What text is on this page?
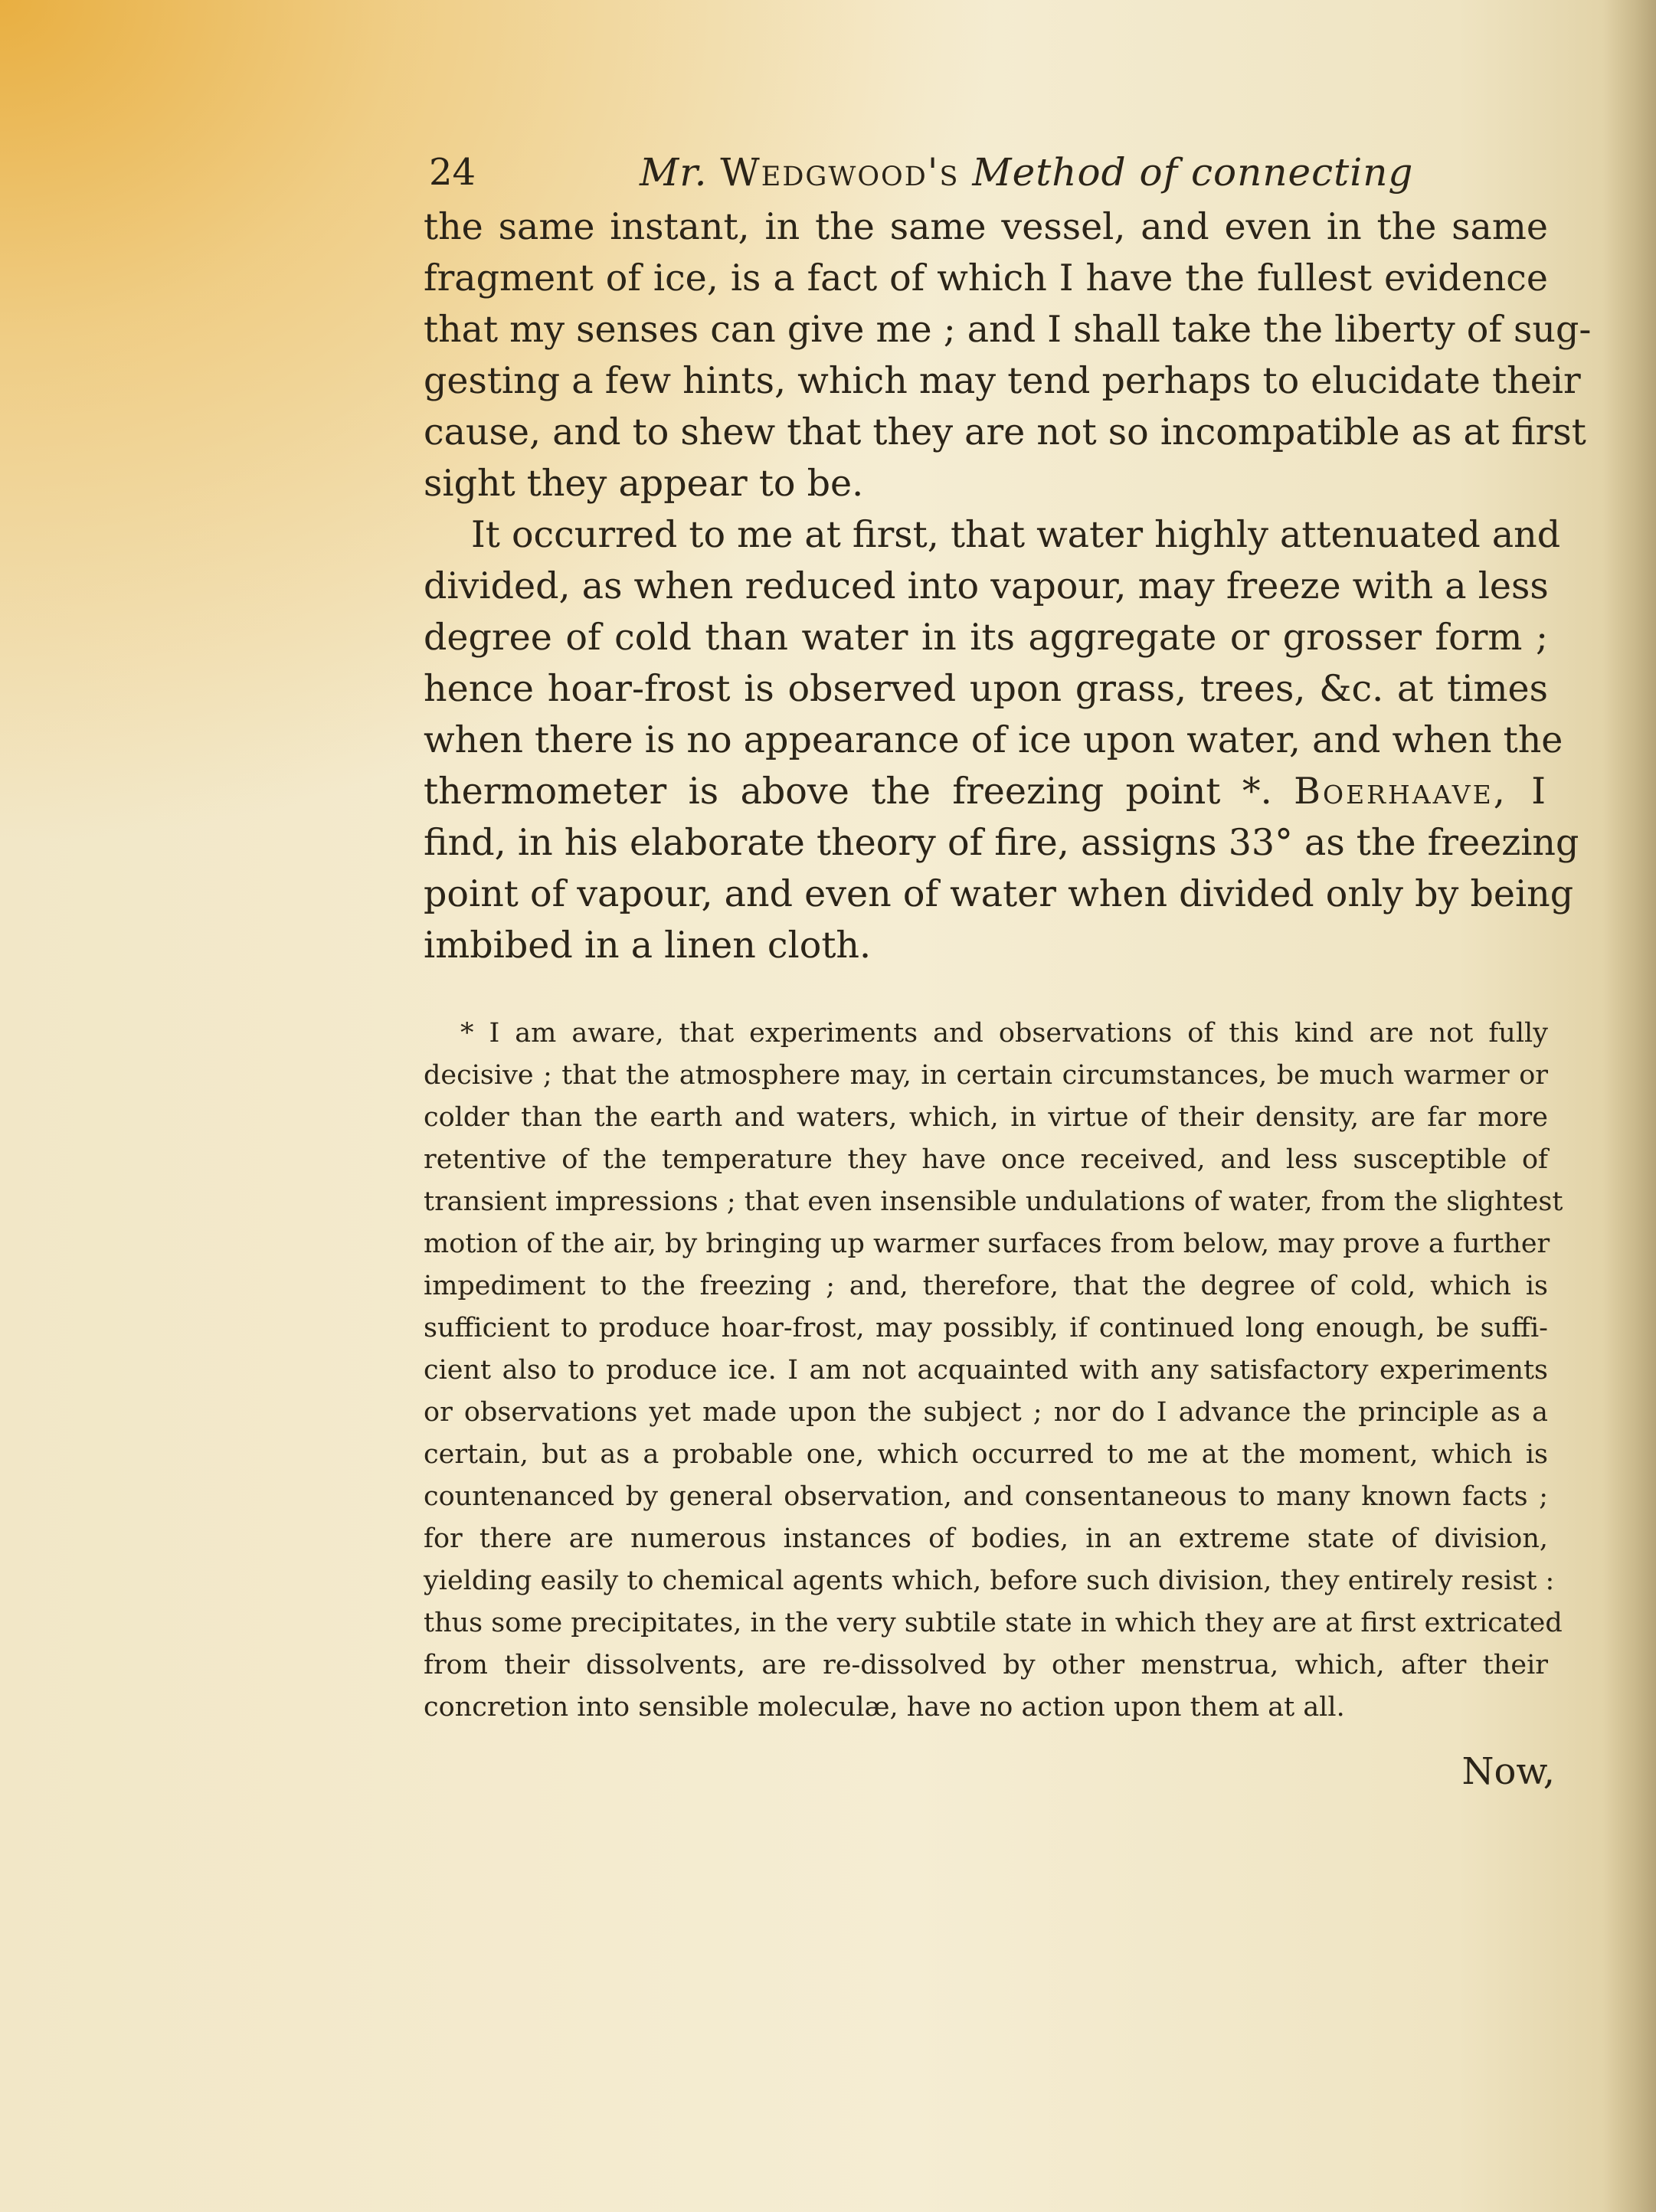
24	Mr. Wedgwood's Method of connecting
the same instant, in the same vessel, and even in the same
fragment of ice, is a fact of which I have the fullest evidence
that my senses can give me ; and I shall take the liberty of sug-
gesting a few hints, which may tend perhaps to elucidate their
cause, and to shew that they are not so incompatible as at first
sight they appear to be.
It occurred to me at first, that water highly attenuated and
divided, as when reduced into vapour, may freeze with a less
degree of cold than water in its aggregate or grosser form ;
hence hoar-frost is observed upon grass, trees, &c. at times
when there is no appearance of ice upon water, and when the
thermometer is above the freezing point *. Boerhaave, I
find, in his elaborate theory of fire, assigns 33° as the freezing
point of vapour, and even of water when divided only by being
imbibed in a linen cloth.
* I am aware, that experiments and observations of this kind are not fully
decisive ; that the atmosphere may, in certain circumstances, be much warmer or
colder than the earth and waters, which, in virtue of their density, are far more
retentive of the temperature they have once received, and less susceptible of
transient impressions ; that even insensible undulations of water, from the slightest
motion of the air, by bringing up warmer surfaces from below, may prove a further
impediment to the freezing ; and, therefore, that the degree of cold, which is
sufficient to produce hoar-frost, may possibly, if continued long enough, be suffi-
cient also to produce ice. I am not acquainted with any satisfactory experiments
or observations yet made upon the subject ; nor do I advance the principle as a
certain, but as a probable one, which occurred to me at the moment, which is
countenanced by general observation, and consentaneous to many known facts ;
for there are numerous instances of bodies, in an extreme state of division,
yielding easily to chemical agents which, before such division, they entirely resist :
thus some precipitates, in the very subtile state in which they are at first extricated
from their dissolvents, are re-dissolved by other menstrua, which, after their
concretion into sensible moleculæ, have no action upon them at all.
Now,
